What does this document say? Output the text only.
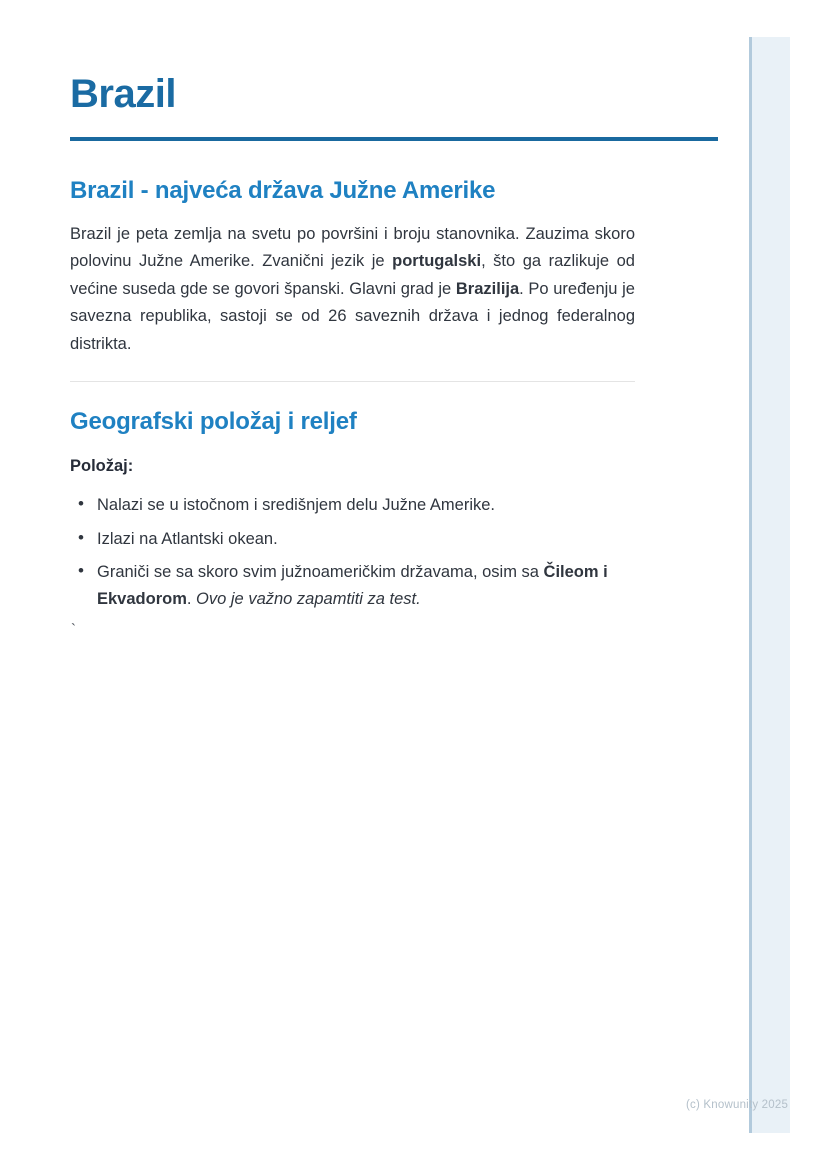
Brazil
Brazil - najveća država Južne Amerike

Brazil je peta zemlja na svetu po površini i broju stanovnika. Zauzima skoro polovinu Južne Amerike. Zvanični jezik je portugalski, što ga razlikuje od većine suseda gde se govori španski. Glavni grad je Brazilija. Po uređenju je savezna republika, sastoji se od 26 saveznih država i jednog federalnog distrikta.

Geografski položaj i reljef

Položaj:

• Nalazi se u istočnom i središnjem delu Južne Amerike.
• Izlazi na Atlantski okean.
• Graniči se sa skoro svim južnoameričkim državama, osim sa Čileom i Ekvadorom. Ovo je važno zapamtiti za test.

`

(c) Knowunity 2025
